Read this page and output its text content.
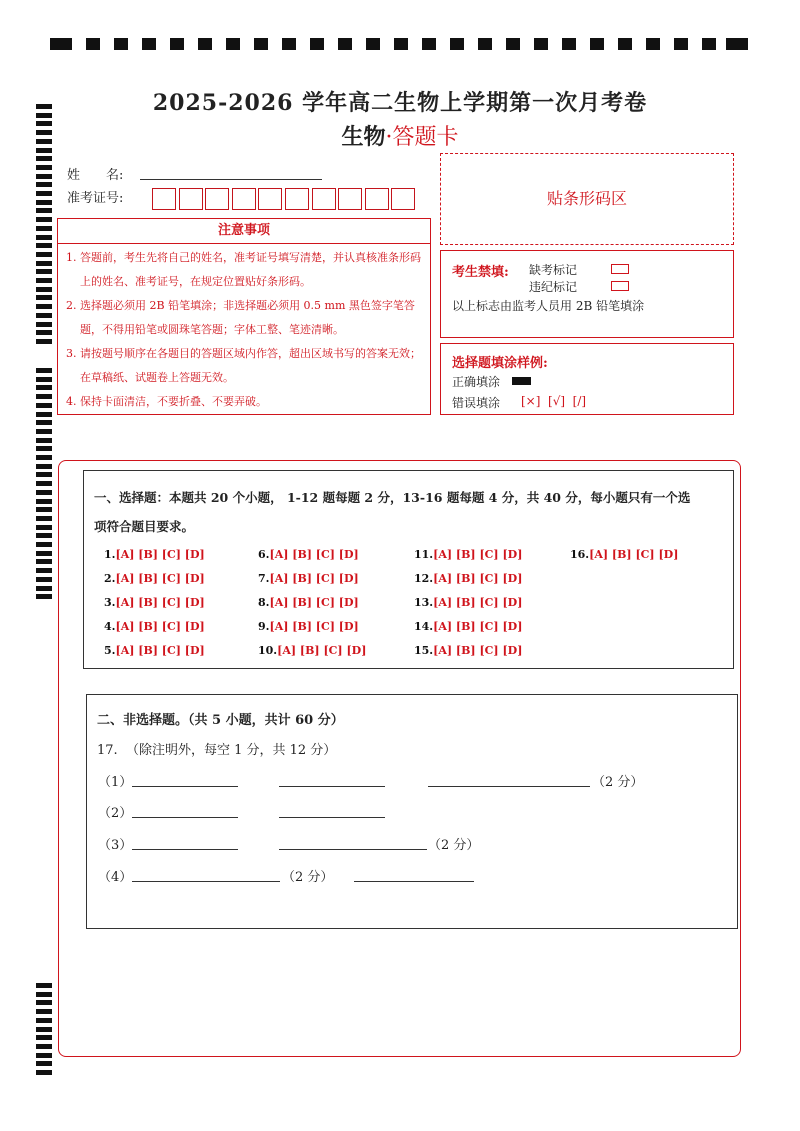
2025-2026 学年高二生物上学期第一次月考卷
生物·答题卡
姓　　名:
准考证号:	贴条形码区
注意事项
1. 答题前，考生先将自己的姓名，准考证号填写清楚，并认真核准条形码上的姓名、准考证号，在规定位置贴好条形码。
2. 选择题必须用 2B 铅笔填涂；非选择题必须用 0.5 mm 黑色签字笔答题，不得用铅笔或圆珠笔答题；字体工整、笔迹清晰。
3. 请按题号顺序在各题目的答题区域内作答，超出区域书写的答案无效；在草稿纸、试题卷上答题无效。
4. 保持卡面清洁，不要折叠、不要弄破。
考生禁填: 缺考标记
违纪标记
以上标志由监考人员用 2B 铅笔填涂
选择题填涂样例:
正确填涂
错误填涂 [×]  [√]  [/]
一、选择题：本题共 20 个小题， 1-12 题每题 2 分，13-16 题每题 4 分，共 40 分，每小题只有一个选
项符合题目要求。
1.[A] [B] [C] [D]
2.[A] [B] [C] [D]
3.[A] [B] [C] [D]
4.[A] [B] [C] [D]
5.[A] [B] [C] [D]
6.[A] [B] [C] [D]
7.[A] [B] [C] [D]
8.[A] [B] [C] [D]
9.[A] [B] [C] [D]
10.[A] [B] [C] [D]
11.[A] [B] [C] [D]
12.[A] [B] [C] [D]
13.[A] [B] [C] [D]
14.[A] [B] [C] [D]
15.[A] [B] [C] [D]
16.[A] [B] [C] [D]
二、非选择题。（共 5 小题，共计 60 分）
17.  （除注明外，每空 1 分，共 12 分）
（1）	（2 分）
（2）
（3）	（2 分）
（4）	（2 分）
